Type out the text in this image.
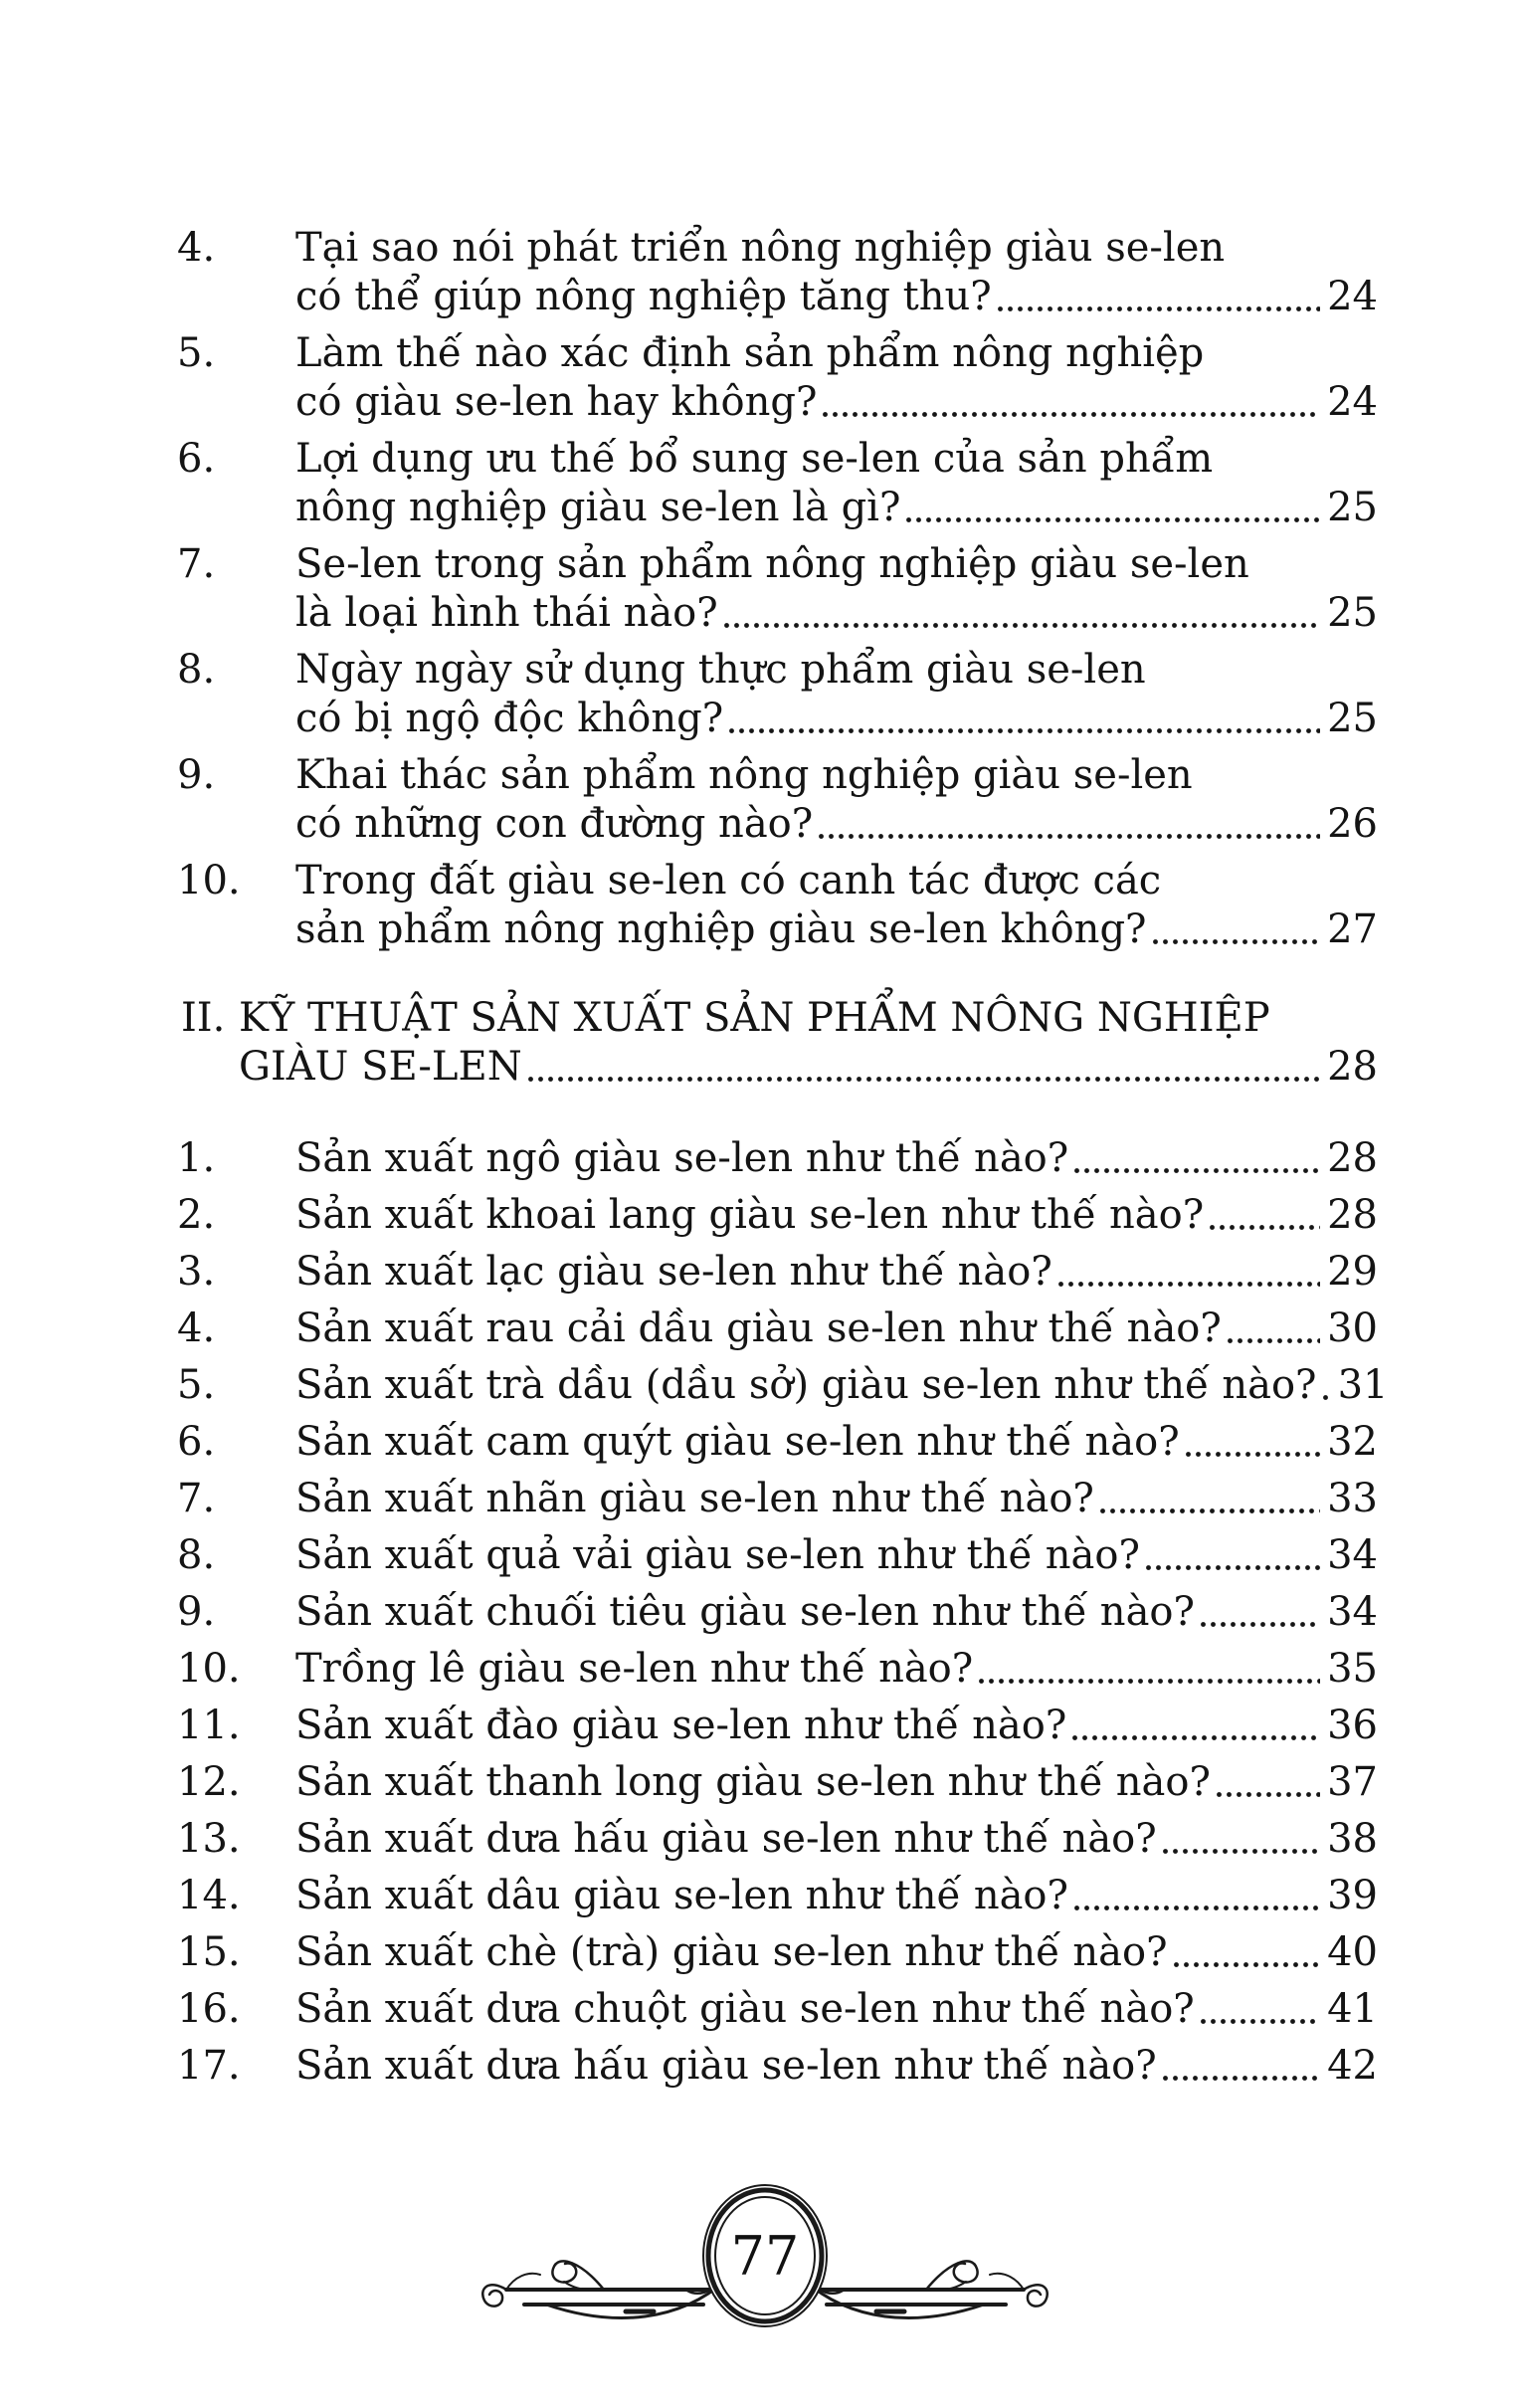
4.	Tại sao nói phát triển nông nghiệp giàu se-len
có thể giúp nông nghiệp tăng thu?	24
5.	Làm thế nào xác định sản phẩm nông nghiệp
có giàu se-len hay không?	24
6.	Lợi dụng ưu thế bổ sung se-len của sản phẩm
nông nghiệp giàu se-len là gì?	25
7.	Se-len trong sản phẩm nông nghiệp giàu se-len
là loại hình thái nào?	25
8.	Ngày ngày sử dụng thực phẩm giàu se-len
có bị ngộ độc không?	25
9.	Khai thác sản phẩm nông nghiệp giàu se-len
có những con đường nào?	26
10.	Trong đất giàu se-len có canh tác được các
sản phẩm nông nghiệp giàu se-len không?	27
II. KỸ THUẬT SẢN XUẤT SẢN PHẨM NÔNG NGHIỆP
GIÀU SE-LEN	28
1.	Sản xuất ngô giàu se-len như thế nào?	28
2.	Sản xuất khoai lang giàu se-len như thế nào?	28
3.	Sản xuất lạc giàu se-len như thế nào?	29
4.	Sản xuất rau cải dầu giàu se-len như thế nào?	30
5.	Sản xuất trà dầu (dầu sở) giàu se-len như thế nào? 31
6.	Sản xuất cam quýt giàu se-len như thế nào?	32
7.	Sản xuất nhãn giàu se-len như thế nào?	33
8.	Sản xuất quả vải giàu se-len như thế nào?	34
9.	Sản xuất chuối tiêu giàu se-len như thế nào?	34
10.	Trồng lê giàu se-len như thế nào?	35
11.	Sản xuất đào giàu se-len như thế nào?	36
12.	Sản xuất thanh long giàu se-len như thế nào?	37
13.	Sản xuất dưa hấu giàu se-len như thế nào?	38
14.	Sản xuất dâu giàu se-len như thế nào?	39
15.	Sản xuất chè (trà) giàu se-len như thế nào?	40
16.	Sản xuất dưa chuột giàu se-len như thế nào?	41
17.	Sản xuất dưa hấu giàu se-len như thế nào?	42
77
